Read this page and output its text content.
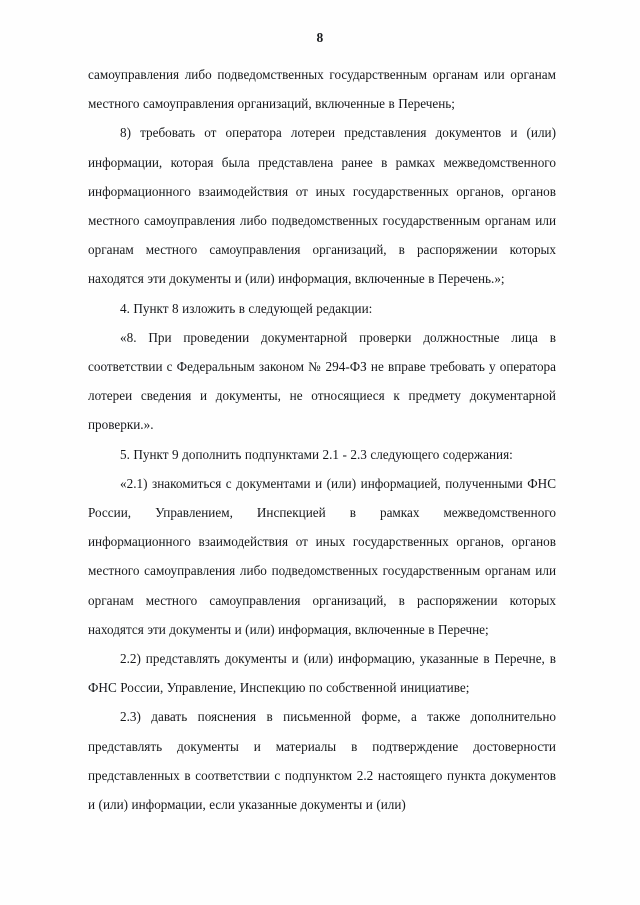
8

самоуправления либо подведомственных государственным органам или органам местного самоуправления организаций, включенные в Перечень;

8) требовать от оператора лотереи представления документов и (или) информации, которая была представлена ранее в рамках межведомственного информационного взаимодействия от иных государственных органов, органов местного самоуправления либо подведомственных государственным органам или органам местного самоуправления организаций, в распоряжении которых находятся эти документы и (или) информация, включенные в Перечень.»;

4. Пункт 8 изложить в следующей редакции:

«8. При проведении документарной проверки должностные лица в соответствии с Федеральным законом № 294-ФЗ не вправе требовать у оператора лотереи сведения и документы, не относящиеся к предмету документарной проверки.».

5. Пункт 9 дополнить подпунктами 2.1 - 2.3 следующего содержания:

«2.1) знакомиться с документами и (или) информацией, полученными ФНС России, Управлением, Инспекцией в рамках межведомственного информационного взаимодействия от иных государственных органов, органов местного самоуправления либо подведомственных государственным органам или органам местного самоуправления организаций, в распоряжении которых находятся эти документы и (или) информация, включенные в Перечне;

2.2) представлять документы и (или) информацию, указанные в Перечне, в ФНС России, Управление, Инспекцию по собственной инициативе;

2.3) давать пояснения в письменной форме, а также дополнительно представлять документы и материалы в подтверждение достоверности представленных в соответствии с подпунктом 2.2 настоящего пункта документов и (или) информации, если указанные документы и (или)
